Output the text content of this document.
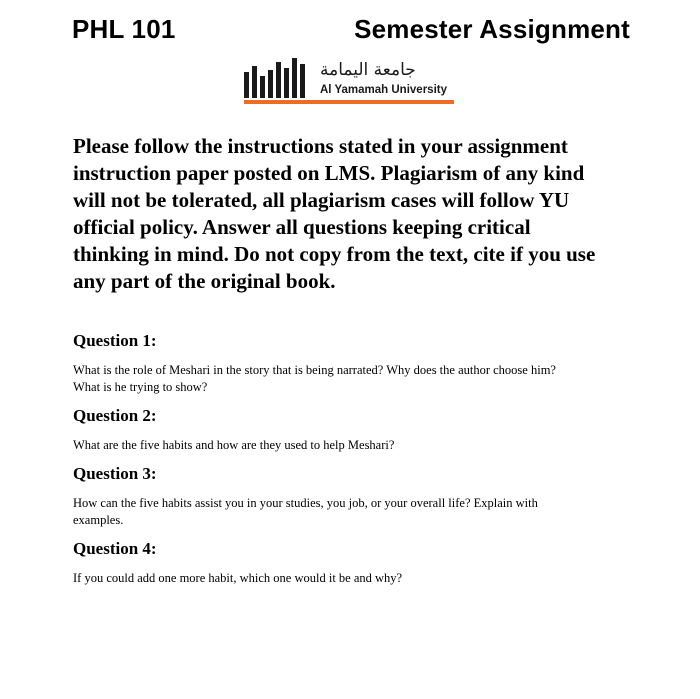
PHL 101	Semester Assignment
جامعة اليمامة
Al Yamamah University
Please follow the instructions stated in your assignment
instruction paper posted on LMS. Plagiarism of any kind
will not be tolerated, all plagiarism cases will follow YU
official policy. Answer all questions keeping critical
thinking in mind. Do not copy from the text, cite if you use
any part of the original book.
Question 1:
What is the role of Meshari in the story that is being narrated? Why does the author choose him?
What is he trying to show?
Question 2:
What are the five habits and how are they used to help Meshari?
Question 3:
How can the five habits assist you in your studies, you job, or your overall life? Explain with
examples.
Question 4:
If you could add one more habit, which one would it be and why?
